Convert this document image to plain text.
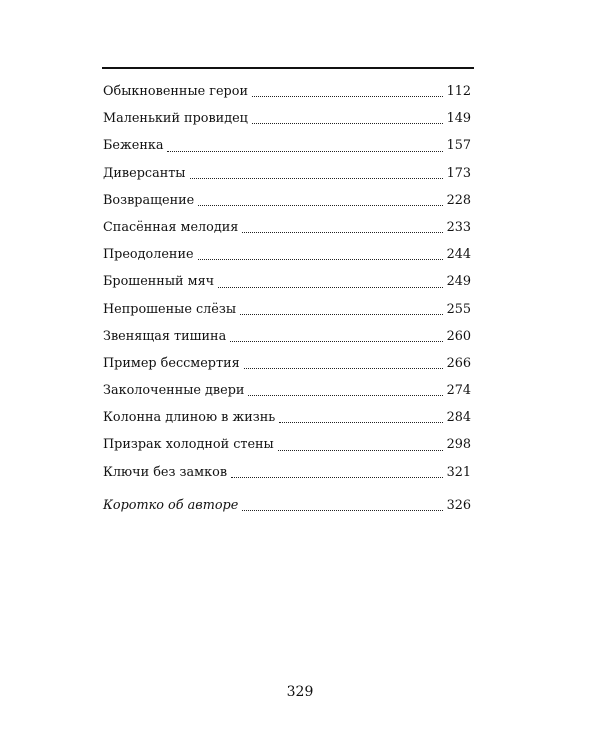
Обыкновенные герои	112
Маленький провидец	149
Беженка	157
Диверсанты	173
Возвращение	228
Спасённая мелодия	233
Преодоление	244
Брошенный мяч	249
Непрошеные слёзы	255
Звенящая тишина	260
Пример бессмертия	266
Заколоченные двери	274
Колонна длиною в жизнь	284
Призрак холодной стены	298
Ключи без замков	321
Коротко об авторе	326
329
